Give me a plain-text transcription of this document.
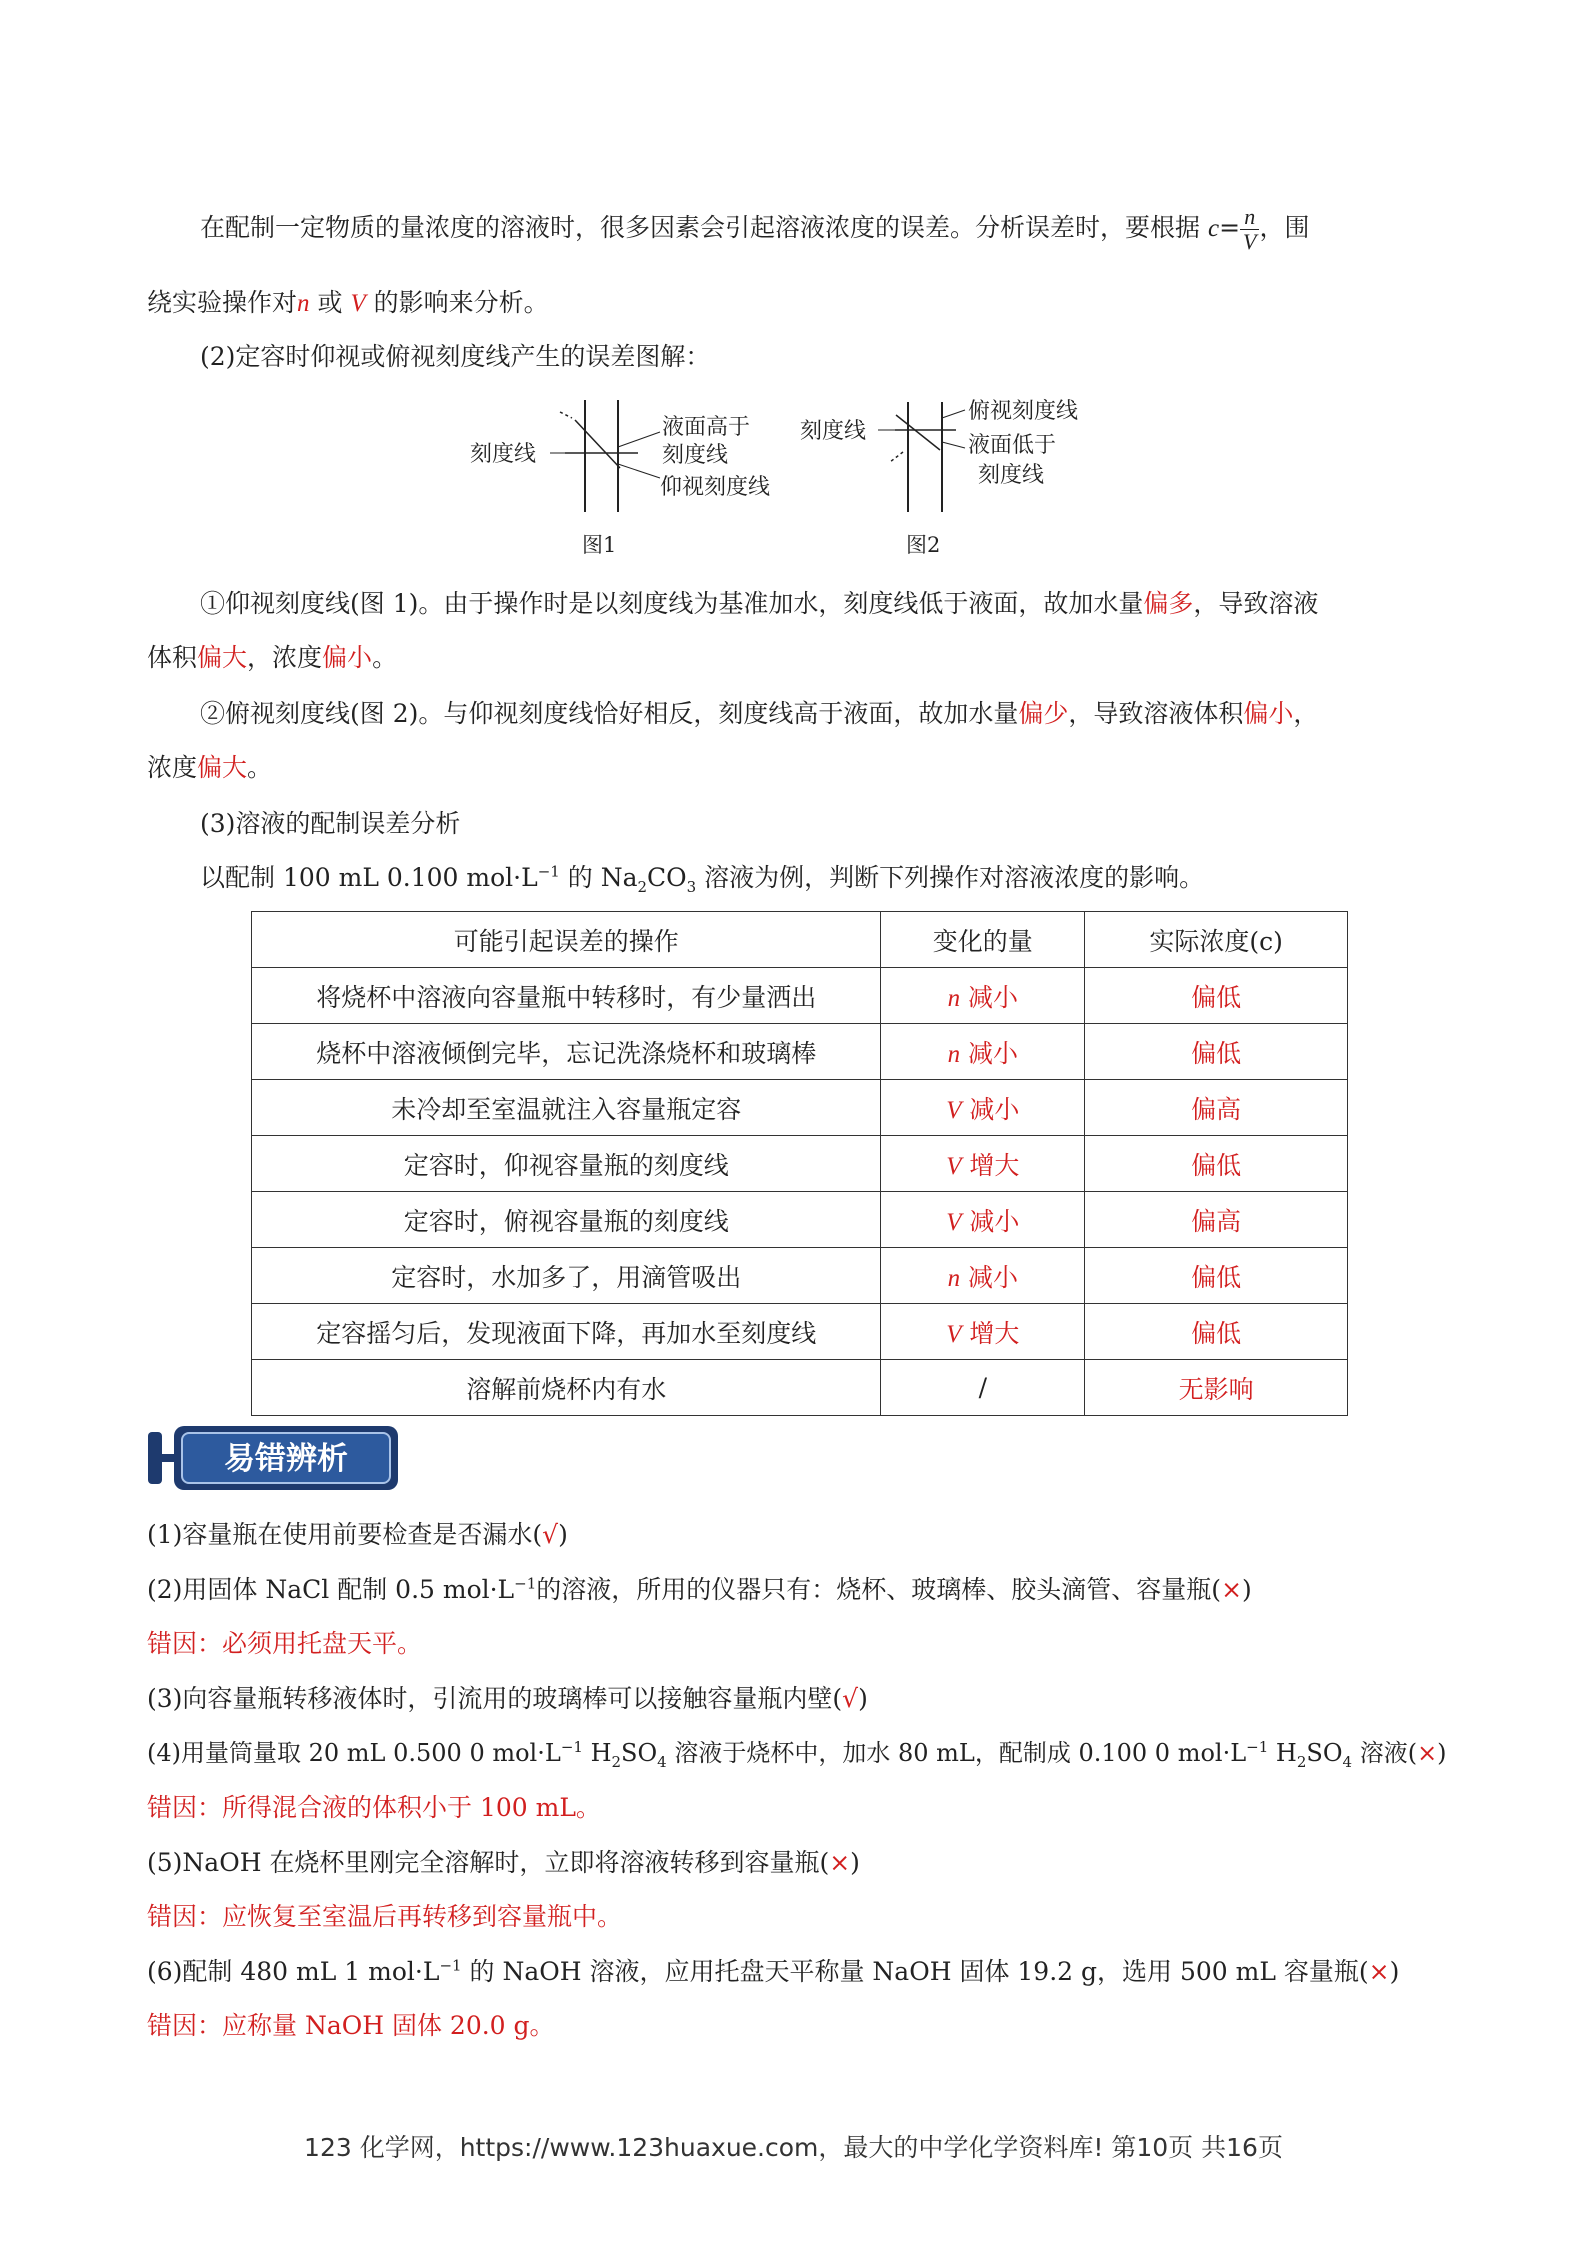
在配制一定物质的量浓度的溶液时，很多因素会引起溶液浓度的误差。分析误差时，要根据 $c= \frac{n}{V}$ ，围
绕实验操作对n 或 V 的影响来分析。
(2)定容时仰视或俯视刻度线产生的误差图解：
刻度线
液面高于
刻度线
仰视刻度线
图1
刻度线
俯视刻度线
液面低于
刻度线
图2
①仰视刻度线(图 1)。由于操作时是以刻度线为基准加水，刻度线低于液面，故加水量偏多，导致溶液
体积偏大，浓度偏小。
②俯视刻度线(图 2)。与仰视刻度线恰好相反，刻度线高于液面，故加水量偏少，导致溶液体积偏小，
浓度偏大。
(3)溶液的配制误差分析
以配制 100 mL 0.100 $mol\cdot L^{-1}$ 的 $Na_2CO_3$ 溶液为例，判断下列操作对溶液浓度的影响。
可能引起误差的操作	变化的量	实际浓度(c)
将烧杯中溶液向容量瓶中转移时，有少量洒出	n 减小	偏低
烧杯中溶液倾倒完毕，忘记洗涤烧杯和玻璃棒	n 减小	偏低
未冷却至室温就注入容量瓶定容	V 减小	偏高
定容时，仰视容量瓶的刻度线	V 增大	偏低
定容时，俯视容量瓶的刻度线	V 减小	偏高
定容时，水加多了，用滴管吸出	n 减小	偏低
定容摇匀后，发现液面下降，再加水至刻度线	V 增大	偏低
溶解前烧杯内有水	/	无影响
易错辨析
(1)容量瓶在使用前要检查是否漏水(√)
(2)用固体 NaCl 配制 0.5 $mol\cdot L^{-1}$的溶液，所用的仪器只有：烧杯、玻璃棒、胶头滴管、容量瓶(×)
错因：必须用托盘天平。
(3)向容量瓶转移液体时，引流用的玻璃棒可以接触容量瓶内壁(√)
(4)用量筒量取 20 mL 0.500 0 $mol\cdot L^{-1}$ $H_2SO_4$ 溶液于烧杯中，加水 80 mL，配制成 0.100 0 $mol\cdot L^{-1}$ $H_2SO_4$ 溶液(×)
错因：所得混合液的体积小于 100 mL。
(5)NaOH 在烧杯里刚完全溶解时，立即将溶液转移到容量瓶(×)
错因：应恢复至室温后再转移到容量瓶中。
(6)配制 480 mL 1 $mol\cdot L^{-1}$ 的 NaOH 溶液，应用托盘天平称量 NaOH 固体 19.2 g，选用 500 mL 容量瓶(×)
错因：应称量 NaOH 固体 20.0 g。
123 化学网，https://www.123huaxue.com，最大的中学化学资料库! 第10页 共16页
